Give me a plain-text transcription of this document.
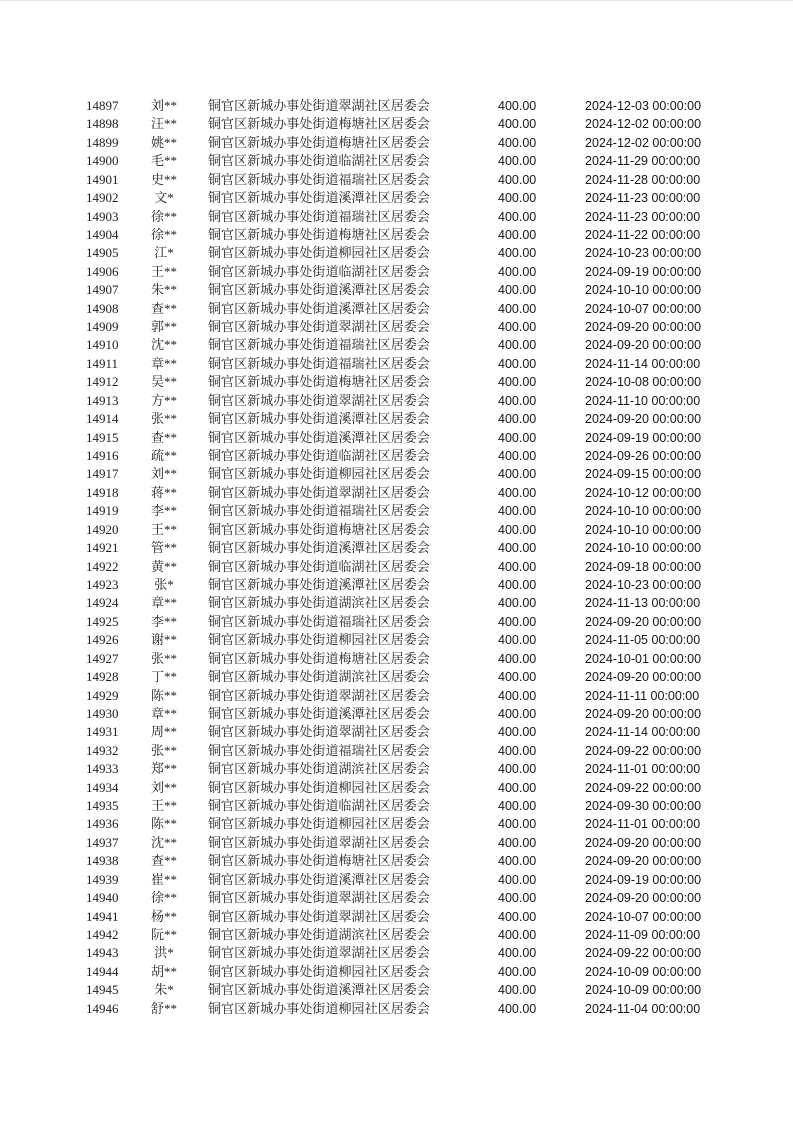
14897	刘**	铜官区新城办事处街道翠湖社区居委会	400.00	2024-12-03 00:00:00
14898	汪**	铜官区新城办事处街道梅塘社区居委会	400.00	2024-12-02 00:00:00
14899	姚**	铜官区新城办事处街道梅塘社区居委会	400.00	2024-12-02 00:00:00
14900	毛**	铜官区新城办事处街道临湖社区居委会	400.00	2024-11-29 00:00:00
14901	史**	铜官区新城办事处街道福瑞社区居委会	400.00	2024-11-28 00:00:00
14902	文*	铜官区新城办事处街道溪潭社区居委会	400.00	2024-11-23 00:00:00
14903	徐**	铜官区新城办事处街道福瑞社区居委会	400.00	2024-11-23 00:00:00
14904	徐**	铜官区新城办事处街道梅塘社区居委会	400.00	2024-11-22 00:00:00
14905	江*	铜官区新城办事处街道柳园社区居委会	400.00	2024-10-23 00:00:00
14906	王**	铜官区新城办事处街道临湖社区居委会	400.00	2024-09-19 00:00:00
14907	朱**	铜官区新城办事处街道溪潭社区居委会	400.00	2024-10-10 00:00:00
14908	查**	铜官区新城办事处街道溪潭社区居委会	400.00	2024-10-07 00:00:00
14909	郭**	铜官区新城办事处街道翠湖社区居委会	400.00	2024-09-20 00:00:00
14910	沈**	铜官区新城办事处街道福瑞社区居委会	400.00	2024-09-20 00:00:00
14911	章**	铜官区新城办事处街道福瑞社区居委会	400.00	2024-11-14 00:00:00
14912	吴**	铜官区新城办事处街道梅塘社区居委会	400.00	2024-10-08 00:00:00
14913	方**	铜官区新城办事处街道翠湖社区居委会	400.00	2024-11-10 00:00:00
14914	张**	铜官区新城办事处街道溪潭社区居委会	400.00	2024-09-20 00:00:00
14915	查**	铜官区新城办事处街道溪潭社区居委会	400.00	2024-09-19 00:00:00
14916	疏**	铜官区新城办事处街道临湖社区居委会	400.00	2024-09-26 00:00:00
14917	刘**	铜官区新城办事处街道柳园社区居委会	400.00	2024-09-15 00:00:00
14918	蒋**	铜官区新城办事处街道翠湖社区居委会	400.00	2024-10-12 00:00:00
14919	李**	铜官区新城办事处街道福瑞社区居委会	400.00	2024-10-10 00:00:00
14920	王**	铜官区新城办事处街道梅塘社区居委会	400.00	2024-10-10 00:00:00
14921	管**	铜官区新城办事处街道溪潭社区居委会	400.00	2024-10-10 00:00:00
14922	黄**	铜官区新城办事处街道临湖社区居委会	400.00	2024-09-18 00:00:00
14923	张*	铜官区新城办事处街道溪潭社区居委会	400.00	2024-10-23 00:00:00
14924	章**	铜官区新城办事处街道湖滨社区居委会	400.00	2024-11-13 00:00:00
14925	李**	铜官区新城办事处街道福瑞社区居委会	400.00	2024-09-20 00:00:00
14926	谢**	铜官区新城办事处街道柳园社区居委会	400.00	2024-11-05 00:00:00
14927	张**	铜官区新城办事处街道梅塘社区居委会	400.00	2024-10-01 00:00:00
14928	丁**	铜官区新城办事处街道湖滨社区居委会	400.00	2024-09-20 00:00:00
14929	陈**	铜官区新城办事处街道翠湖社区居委会	400.00	2024-11-11 00:00:00
14930	章**	铜官区新城办事处街道溪潭社区居委会	400.00	2024-09-20 00:00:00
14931	周**	铜官区新城办事处街道翠湖社区居委会	400.00	2024-11-14 00:00:00
14932	张**	铜官区新城办事处街道福瑞社区居委会	400.00	2024-09-22 00:00:00
14933	郑**	铜官区新城办事处街道湖滨社区居委会	400.00	2024-11-01 00:00:00
14934	刘**	铜官区新城办事处街道柳园社区居委会	400.00	2024-09-22 00:00:00
14935	王**	铜官区新城办事处街道临湖社区居委会	400.00	2024-09-30 00:00:00
14936	陈**	铜官区新城办事处街道柳园社区居委会	400.00	2024-11-01 00:00:00
14937	沈**	铜官区新城办事处街道翠湖社区居委会	400.00	2024-09-20 00:00:00
14938	查**	铜官区新城办事处街道梅塘社区居委会	400.00	2024-09-20 00:00:00
14939	崔**	铜官区新城办事处街道溪潭社区居委会	400.00	2024-09-19 00:00:00
14940	徐**	铜官区新城办事处街道翠湖社区居委会	400.00	2024-09-20 00:00:00
14941	杨**	铜官区新城办事处街道翠湖社区居委会	400.00	2024-10-07 00:00:00
14942	阮**	铜官区新城办事处街道湖滨社区居委会	400.00	2024-11-09 00:00:00
14943	洪*	铜官区新城办事处街道翠湖社区居委会	400.00	2024-09-22 00:00:00
14944	胡**	铜官区新城办事处街道柳园社区居委会	400.00	2024-10-09 00:00:00
14945	朱*	铜官区新城办事处街道溪潭社区居委会	400.00	2024-10-09 00:00:00
14946	舒**	铜官区新城办事处街道柳园社区居委会	400.00	2024-11-04 00:00:00
